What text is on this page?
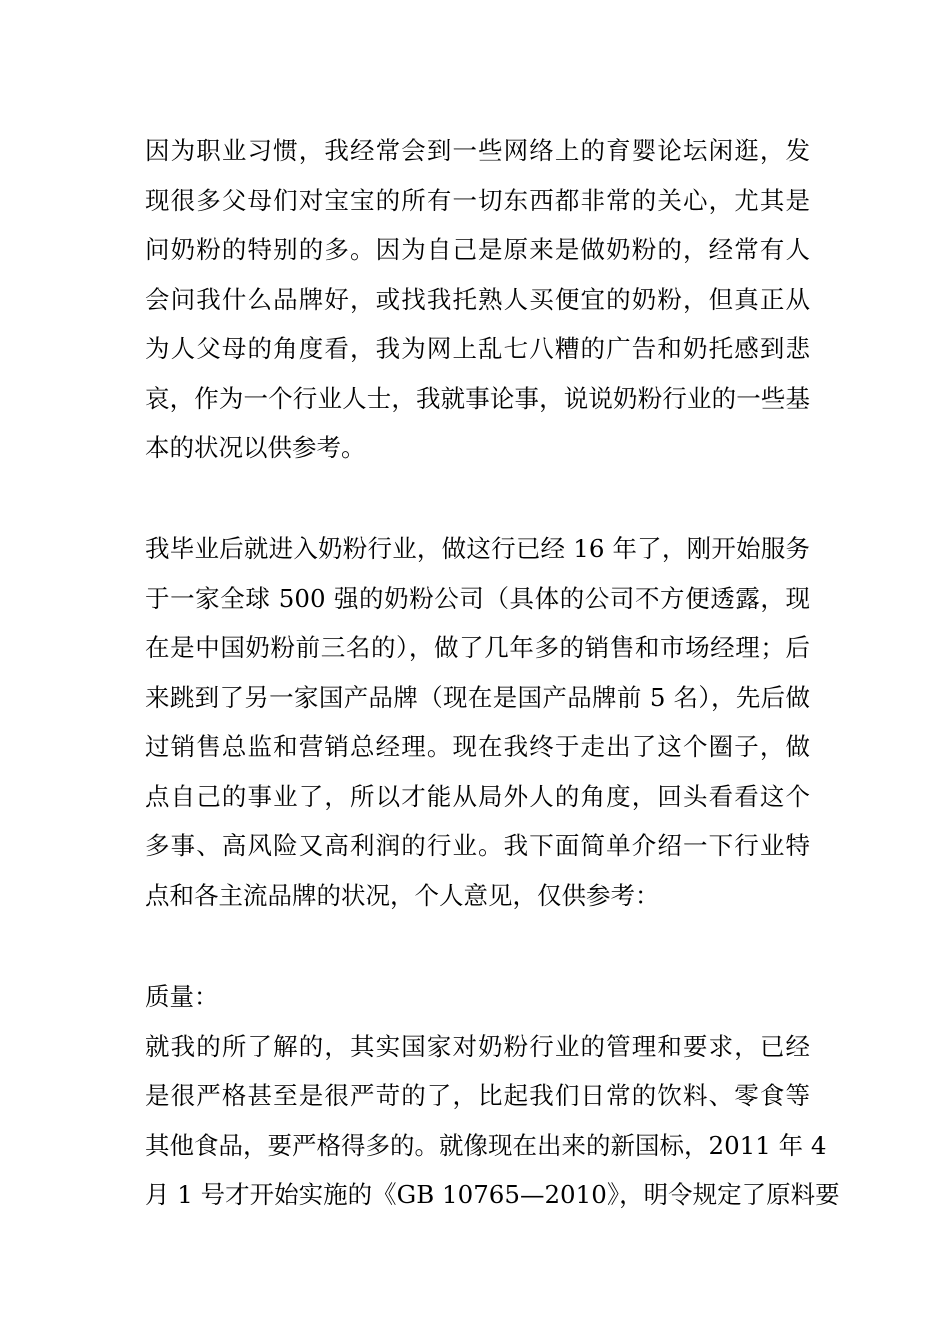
因为职业习惯，我经常会到一些网络上的育婴论坛闲逛，发
现很多父母们对宝宝的所有一切东西都非常的关心，尤其是
问奶粉的特别的多。因为自己是原来是做奶粉的，经常有人
会问我什么品牌好，或找我托熟人买便宜的奶粉，但真正从
为人父母的角度看，我为网上乱七八糟的广告和奶托感到悲
哀，作为一个行业人士，我就事论事，说说奶粉行业的一些基
本的状况以供参考。
我毕业后就进入奶粉行业，做这行已经 16 年了，刚开始服务
于一家全球 500 强的奶粉公司（具体的公司不方便透露，现
在是中国奶粉前三名的），做了几年多的销售和市场经理；后
来跳到了另一家国产品牌（现在是国产品牌前 5 名），先后做
过销售总监和营销总经理。现在我终于走出了这个圈子，做
点自己的事业了，所以才能从局外人的角度，回头看看这个
多事、高风险又高利润的行业。我下面简单介绍一下行业特
点和各主流品牌的状况，个人意见，仅供参考：
质量：
就我的所了解的，其实国家对奶粉行业的管理和要求，已经
是很严格甚至是很严苛的了，比起我们日常的饮料、零食等
其他食品，要严格得多的。就像现在出来的新国标，2011 年 4
月 1 号才开始实施的《GB 10765—2010》，明令规定了原料要
